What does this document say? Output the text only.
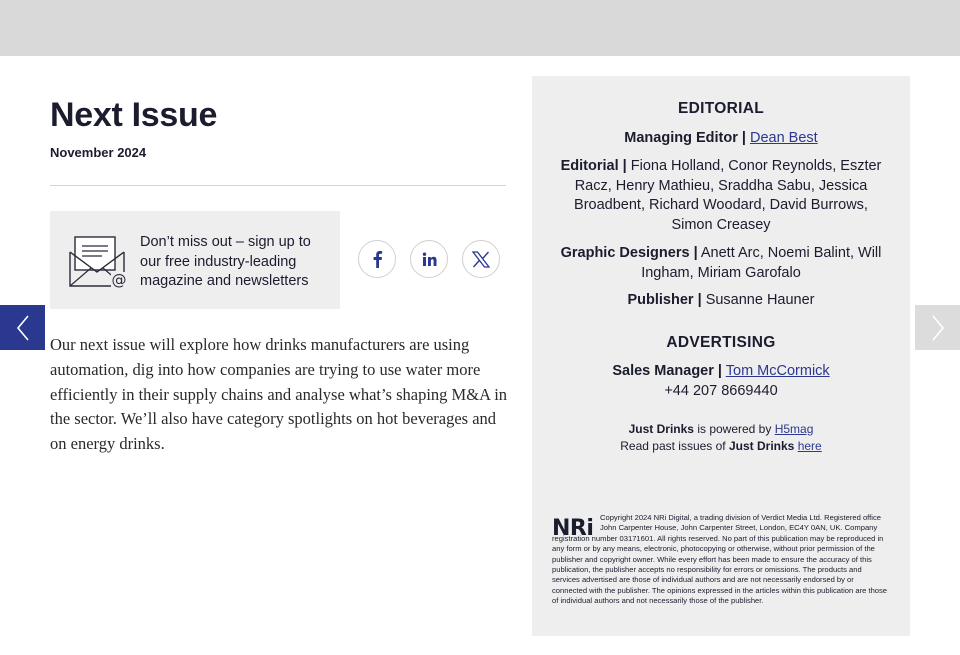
Next Issue
November 2024
@
Don’t miss out – sign up to our free industry-leading magazine and newsletters

Our next issue will explore how drinks manufacturers are using automation, dig into how companies are trying to use water more efficiently in their supply chains and analyse what’s shaping M&A in the sector. We’ll also have category spotlights on hot beverages and on energy drinks.

EDITORIAL
Managing Editor | Dean Best
Editorial | Fiona Holland, Conor Reynolds, Eszter Racz, Henry Mathieu, Sraddha Sabu, Jessica Broadbent, Richard Woodard, David Burrows, Simon Creasey
Graphic Designers | Anett Arc, Noemi Balint, Will Ingham, Miriam Garofalo
Publisher | Susanne Hauner
ADVERTISING
Sales Manager | Tom McCormick
+44 207 8669440
Just Drinks is powered by H5mag
Read past issues of Just Drinks here
NRi Copyright 2024 NRi Digital, a trading division of Verdict Media Ltd. Registered office John Carpenter House, John Carpenter Street, London, EC4Y 0AN, UK. Company registration number 03171601. All rights reserved. No part of this publication may be reproduced in any form or by any means, electronic, photocopying or otherwise, without prior permission of the publisher and copyright owner. While every effort has been made to ensure the accuracy of this publication, the publisher accepts no responsibility for errors or omissions. The products and services advertised are those of individual authors and are not necessarily endorsed by or connected with the publisher. The opinions expressed in the articles within this publication are those of individual authors and not necessarily those of the publisher.
